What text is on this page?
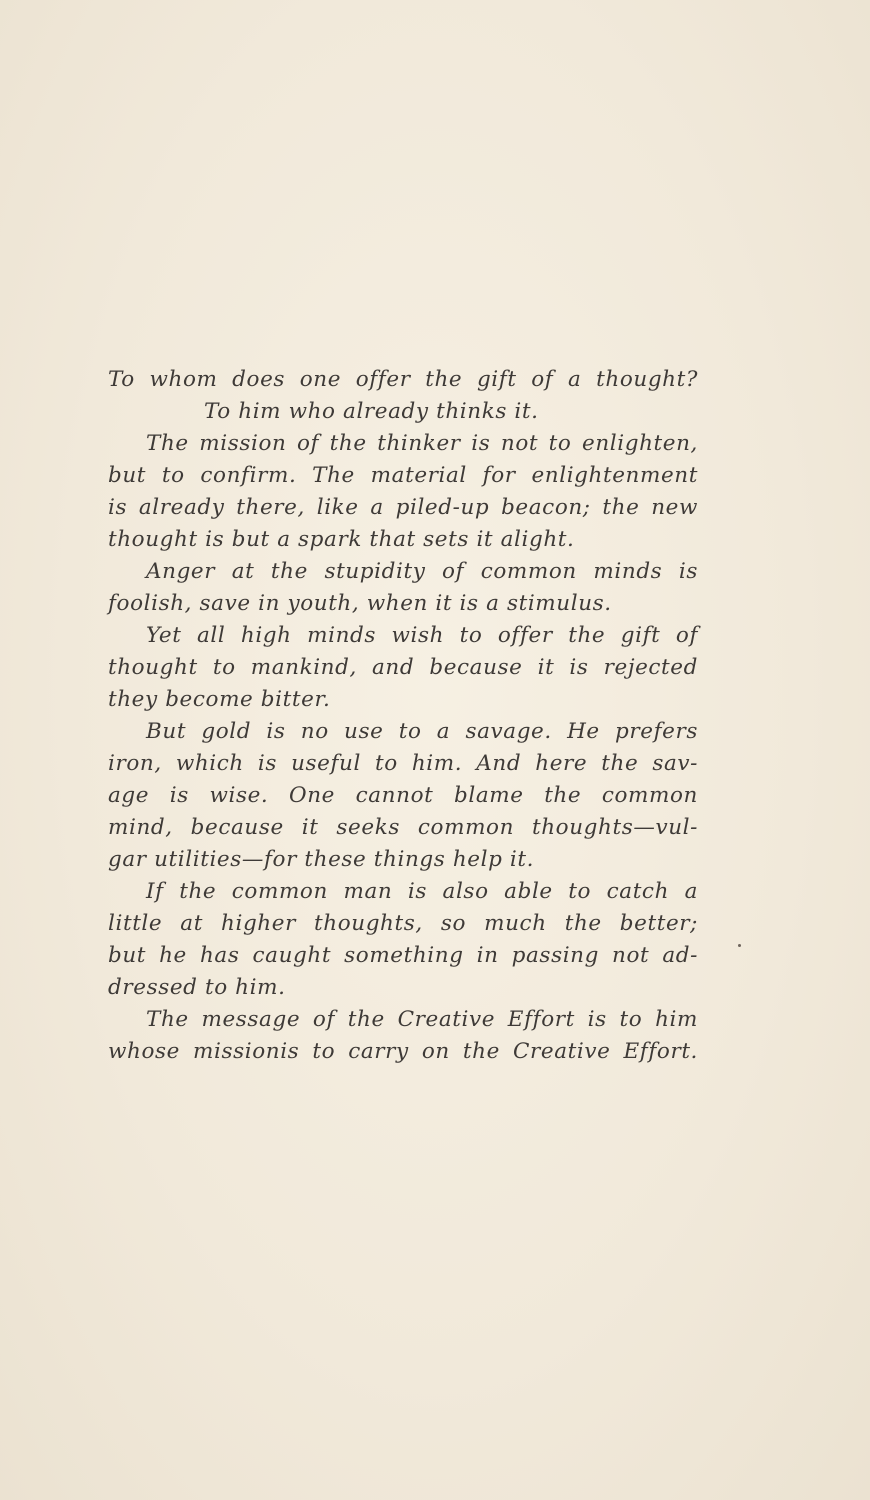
To whom does one offer the gift of a thought?
To him who already thinks it.
The mission of the thinker is not to enlighten,
but to confirm. The material for enlightenment
is already there, like a piled-up beacon; the new
thought is but a spark that sets it alight.
Anger at the stupidity of common minds is
foolish, save in youth, when it is a stimulus.
Yet all high minds wish to offer the gift of
thought to mankind, and because it is rejected
they become bitter.
But gold is no use to a savage. He prefers
iron, which is useful to him. And here the sav-
age is wise. One cannot blame the common
mind, because it seeks common thoughts—vul-
gar utilities—for these things help it.
If the common man is also able to catch a
little at higher thoughts, so much the better;
but he has caught something in passing not ad-
dressed to him.
The message of the Creative Effort is to him
whose missionis to carry on the Creative Effort.
